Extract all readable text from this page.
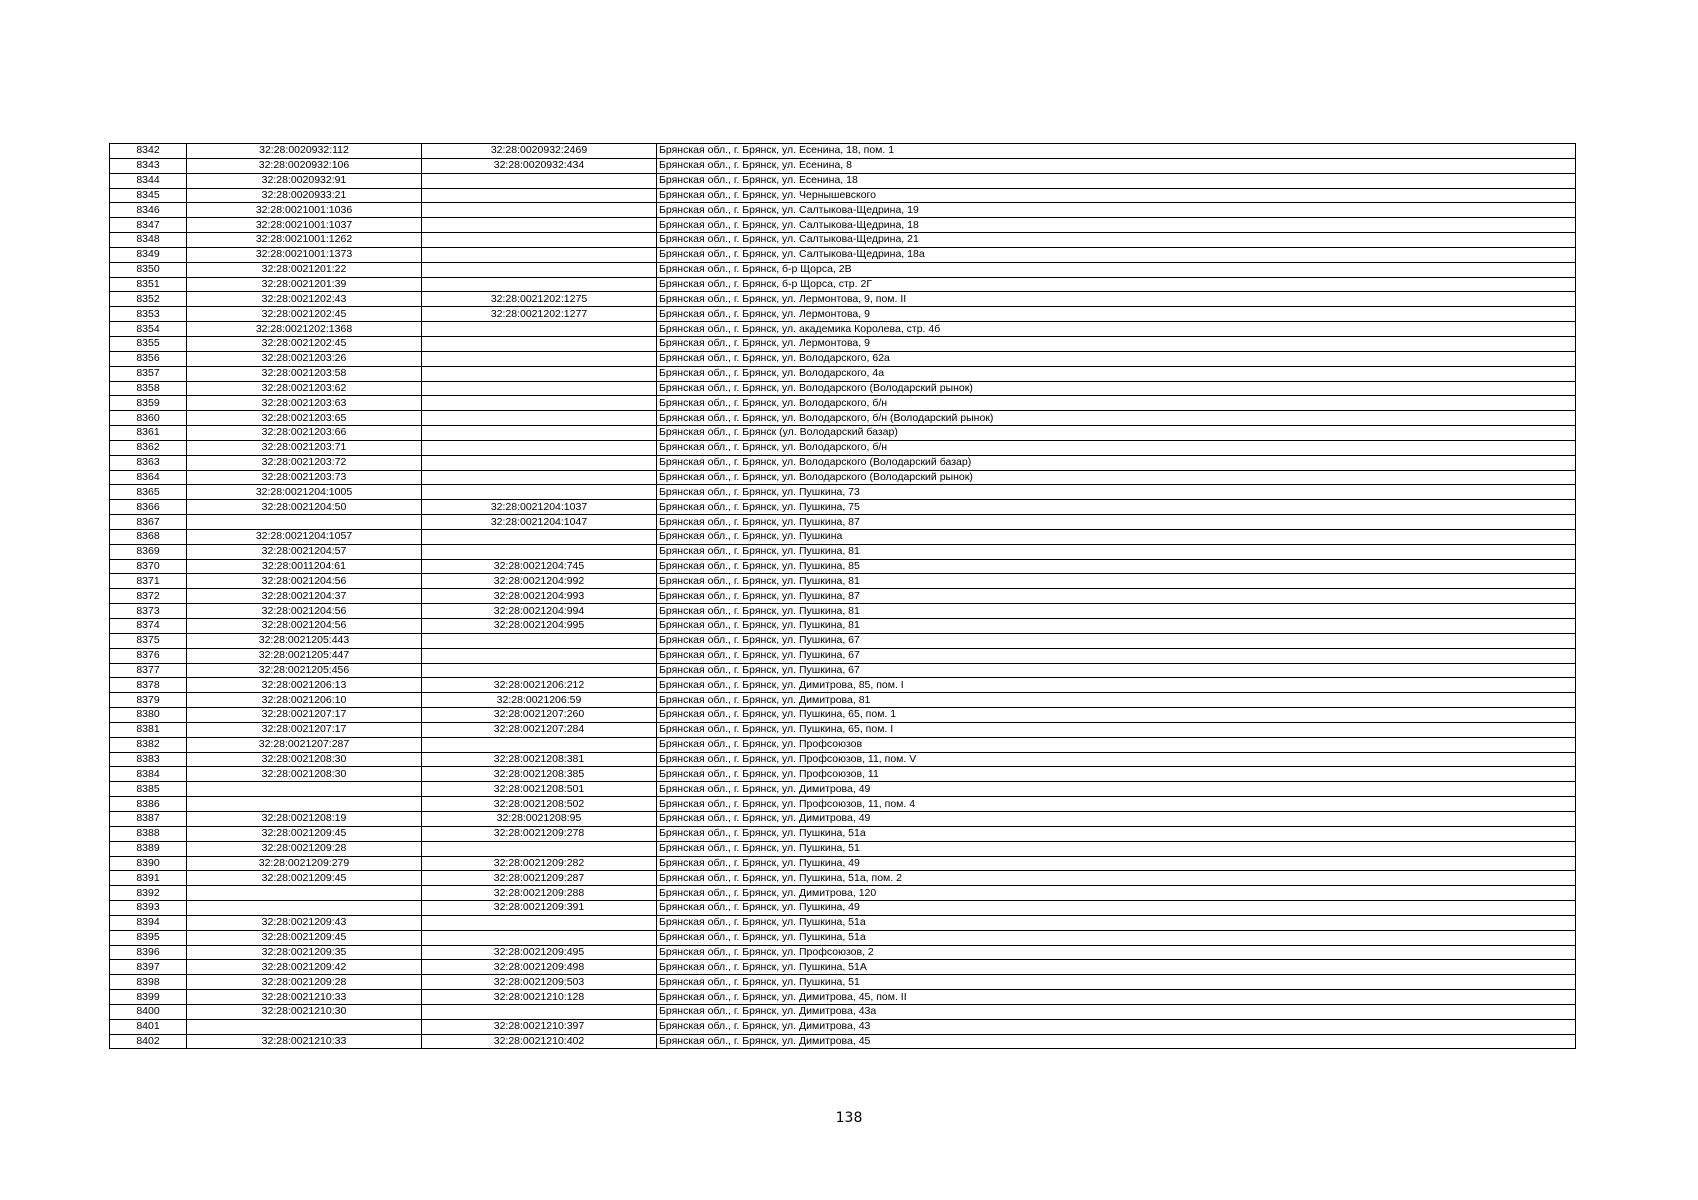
8342	32:28:0020932:112	32:28:0020932:2469	Брянская обл., г. Брянск, ул. Есенина, 18, пом. 1
8343	32:28:0020932:106	32:28:0020932:434	Брянская обл., г. Брянск, ул. Есенина, 8
8344	32:28:0020932:91		Брянская обл., г. Брянск, ул. Есенина, 18
8345	32:28:0020933:21		Брянская обл., г. Брянск, ул. Чернышевского
8346	32:28:0021001:1036		Брянская обл., г. Брянск, ул. Салтыкова-Щедрина, 19
8347	32:28:0021001:1037		Брянская обл., г. Брянск, ул. Салтыкова-Щедрина, 18
8348	32:28:0021001:1262		Брянская обл., г. Брянск, ул. Салтыкова-Щедрина, 21
8349	32:28:0021001:1373		Брянская обл., г. Брянск, ул. Салтыкова-Щедрина, 18а
8350	32:28:0021201:22		Брянская обл., г. Брянск, б-р Щорса, 2В
8351	32:28:0021201:39		Брянская обл., г. Брянск, б-р Щорса, стр. 2Г
8352	32:28:0021202:43	32:28:0021202:1275	Брянская обл., г. Брянск, ул. Лермонтова, 9, пом. II
8353	32:28:0021202:45	32:28:0021202:1277	Брянская обл., г. Брянск, ул. Лермонтова, 9
8354	32:28:0021202:1368		Брянская обл., г. Брянск, ул. академика Королева, стр. 4б
8355	32:28:0021202:45		Брянская обл., г. Брянск, ул. Лермонтова, 9
8356	32:28:0021203:26		Брянская обл., г. Брянск, ул. Володарского, 62а
8357	32:28:0021203:58		Брянская обл., г. Брянск, ул. Володарского, 4а
8358	32:28:0021203:62		Брянская обл., г. Брянск, ул. Володарского (Володарский рынок)
8359	32:28:0021203:63		Брянская обл., г. Брянск, ул. Володарского, б/н
8360	32:28:0021203:65		Брянская обл., г. Брянск, ул. Володарского, б/н (Володарский рынок)
8361	32:28:0021203:66		Брянская обл., г. Брянск (ул. Володарский базар)
8362	32:28:0021203:71		Брянская обл., г. Брянск, ул. Володарского, б/н
8363	32:28:0021203:72		Брянская обл., г. Брянск, ул. Володарского (Володарский базар)
8364	32:28:0021203:73		Брянская обл., г. Брянск, ул. Володарского (Володарский рынок)
8365	32:28:0021204:1005		Брянская обл., г. Брянск, ул. Пушкина, 73
8366	32:28:0021204:50	32:28:0021204:1037	Брянская обл., г. Брянск, ул. Пушкина, 75
8367		32:28:0021204:1047	Брянская обл., г. Брянск, ул. Пушкина, 87
8368	32:28:0021204:1057		Брянская обл., г. Брянск, ул. Пушкина
8369	32:28:0021204:57		Брянская обл., г. Брянск, ул. Пушкина, 81
8370	32:28:0011204:61	32:28:0021204:745	Брянская обл., г. Брянск, ул. Пушкина, 85
8371	32:28:0021204:56	32:28:0021204:992	Брянская обл., г. Брянск, ул. Пушкина, 81
8372	32:28:0021204:37	32:28:0021204:993	Брянская обл., г. Брянск, ул. Пушкина, 87
8373	32:28:0021204:56	32:28:0021204:994	Брянская обл., г. Брянск, ул. Пушкина, 81
8374	32:28:0021204:56	32:28:0021204:995	Брянская обл., г. Брянск, ул. Пушкина, 81
8375	32:28:0021205:443		Брянская обл., г. Брянск, ул. Пушкина, 67
8376	32:28:0021205:447		Брянская обл., г. Брянск, ул. Пушкина, 67
8377	32:28:0021205:456		Брянская обл., г. Брянск, ул. Пушкина, 67
8378	32:28:0021206:13	32:28:0021206:212	Брянская обл., г. Брянск, ул. Димитрова, 85, пом. I
8379	32:28:0021206:10	32:28:0021206:59	Брянская обл., г. Брянск, ул. Димитрова, 81
8380	32:28:0021207:17	32:28:0021207:260	Брянская обл., г. Брянск, ул. Пушкина, 65, пом. 1
8381	32:28:0021207:17	32:28:0021207:284	Брянская обл., г. Брянск, ул. Пушкина, 65, пом. I
8382	32:28:0021207:287		Брянская обл., г. Брянск, ул. Профсоюзов
8383	32:28:0021208:30	32:28:0021208:381	Брянская обл., г. Брянск, ул. Профсоюзов, 11, пом. V
8384	32:28:0021208:30	32:28:0021208:385	Брянская обл., г. Брянск, ул. Профсоюзов, 11
8385		32:28:0021208:501	Брянская обл., г. Брянск, ул. Димитрова, 49
8386		32:28:0021208:502	Брянская обл., г. Брянск, ул. Профсоюзов, 11, пом. 4
8387	32:28:0021208:19	32:28:0021208:95	Брянская обл., г. Брянск, ул. Димитрова, 49
8388	32:28:0021209:45	32:28:0021209:278	Брянская обл., г. Брянск, ул. Пушкина, 51а
8389	32:28:0021209:28		Брянская обл., г. Брянск, ул. Пушкина, 51
8390	32:28:0021209:279	32:28:0021209:282	Брянская обл., г. Брянск, ул. Пушкина, 49
8391	32:28:0021209:45	32:28:0021209:287	Брянская обл., г. Брянск, ул. Пушкина, 51а, пом. 2
8392		32:28:0021209:288	Брянская обл., г. Брянск, ул. Димитрова, 120
8393		32:28:0021209:391	Брянская обл., г. Брянск, ул. Пушкина, 49
8394	32:28:0021209:43		Брянская обл., г. Брянск, ул. Пушкина, 51а
8395	32:28:0021209:45		Брянская обл., г. Брянск, ул. Пушкина, 51а
8396	32:28:0021209:35	32:28:0021209:495	Брянская обл., г. Брянск, ул. Профсоюзов, 2
8397	32:28:0021209:42	32:28:0021209:498	Брянская обл., г. Брянск, ул. Пушкина, 51А
8398	32:28:0021209:28	32:28:0021209:503	Брянская обл., г. Брянск, ул. Пушкина, 51
8399	32:28:0021210:33	32:28:0021210:128	Брянская обл., г. Брянск, ул. Димитрова, 45, пом. II
8400	32:28:0021210:30		Брянская обл., г. Брянск, ул. Димитрова, 43а
8401		32:28:0021210:397	Брянская обл., г. Брянск, ул. Димитрова, 43
8402	32:28:0021210:33	32:28:0021210:402	Брянская обл., г. Брянск, ул. Димитрова, 45
138
